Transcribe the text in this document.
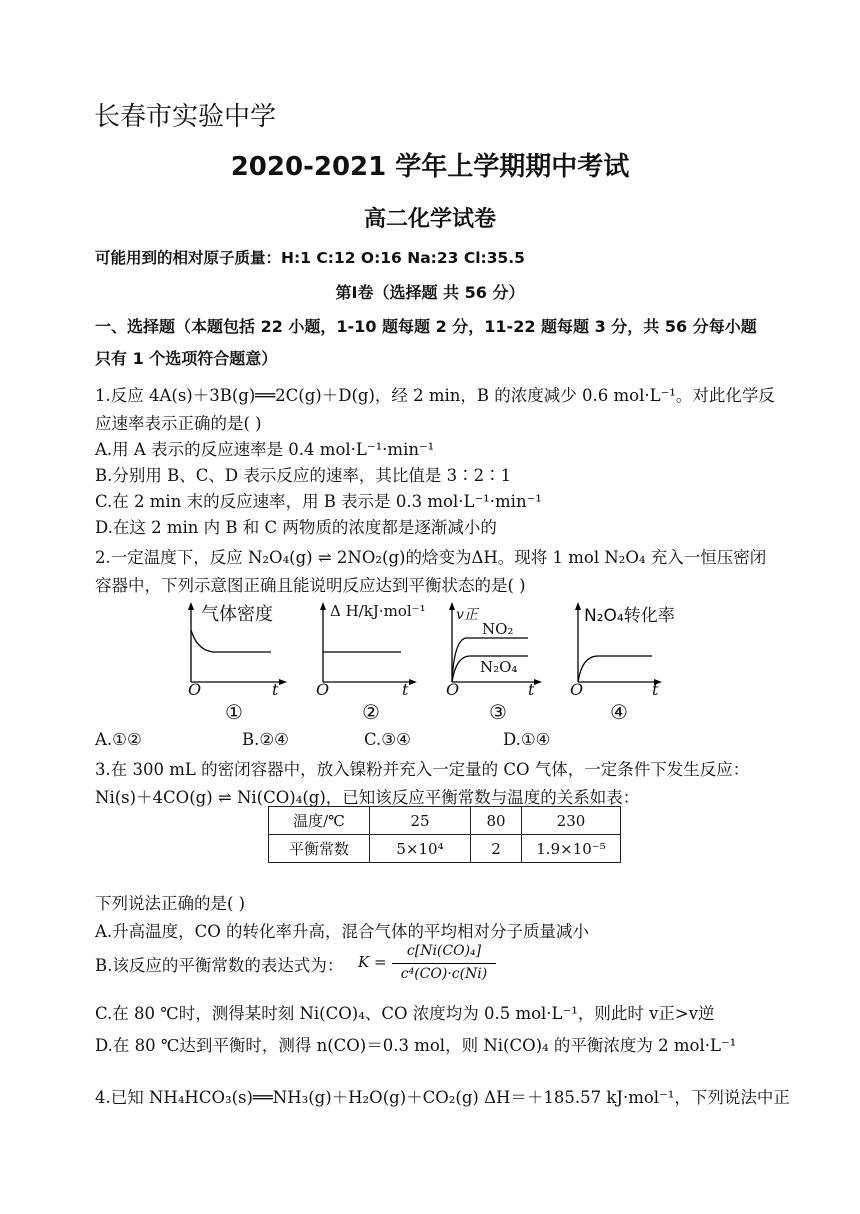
长春市实验中学
2020-2021 学年上学期期中考试
高二化学试卷
可能用到的相对原子质量：H:1 C:12 O:16 Na:23 Cl:35.5
第Ⅰ卷（选择题 共 56 分）
一、选择题（本题包括 22 小题，1-10 题每题 2 分，11-22 题每题 3 分，共 56 分每小题
只有 1 个选项符合题意）
1.反应 4A(s)＋3B(g)══2C(g)＋D(g)，经 2 min，B 的浓度减少 0.6 mol·L⁻¹。对此化学反
应速率表示正确的是( )
A.用 A 表示的反应速率是 0.4 mol·L⁻¹·min⁻¹
B.分别用 B、C、D 表示反应的速率，其比值是 3∶2∶1
C.在 2 min 末的反应速率，用 B 表示是 0.3 mol·L⁻¹·min⁻¹
D.在这 2 min 内 B 和 C 两物质的浓度都是逐渐减小的
2.一定温度下，反应 N₂O₄(g) ⇌ 2NO₂(g)的焓变为ΔH。现将 1 mol N₂O₄ 充入一恒压密闭
容器中，下列示意图正确且能说明反应达到平衡状态的是( )
气体密度
O	t
①
Δ H/kJ·mol⁻¹
O	t
②
v正
NO₂
N₂O₄
O	t
③
N₂O₄转化率
O	t
④
A.①②	B.②④	C.③④	D.①④
3.在 300 mL 的密闭容器中，放入镍粉并充入一定量的 CO 气体，一定条件下发生反应：
Ni(s)＋4CO(g) ⇌ Ni(CO)₄(g)，已知该反应平衡常数与温度的关系如表：
温度/℃	25	80	230
平衡常数	5×10⁴	2	1.9×10⁻⁵
下列说法正确的是( )
A.升高温度，CO 的转化率升高，混合气体的平均相对分子质量减小
B.该反应的平衡常数的表达式为： K =
c[Ni(CO)₄]
c⁴(CO)·c(Ni)
C.在 80 ℃时，测得某时刻 Ni(CO)₄、CO 浓度均为 0.5 mol·L⁻¹，则此时 v正>v逆
D.在 80 ℃达到平衡时，测得 n(CO)＝0.3 mol，则 Ni(CO)₄ 的平衡浓度为 2 mol·L⁻¹
4.已知 NH₄HCO₃(s)══NH₃(g)＋H₂O(g)＋CO₂(g) ΔH＝＋185.57 kJ·mol⁻¹，下列说法中正
